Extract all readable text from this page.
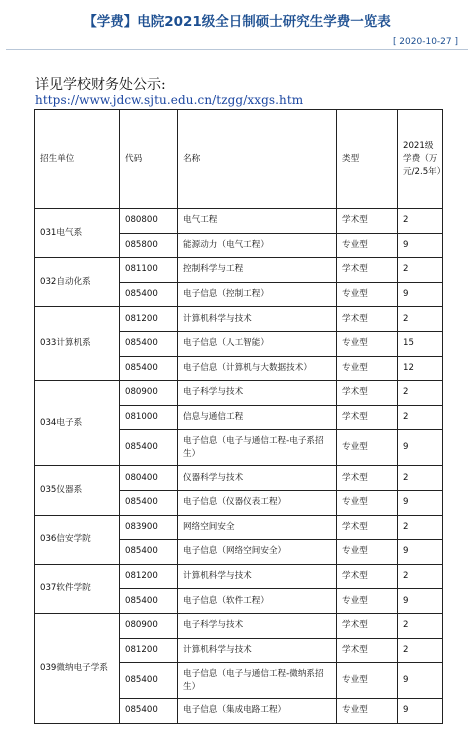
【学费】电院2021级全日制硕士研究生学费一览表
[ 2020-10-27 ]
详见学校财务处公示:
https://www.jdcw.sjtu.edu.cn/tzgg/xxgs.htm
招生单位	代码	名称	类型	2021级学费（万元/2.5年）
031电气系	080800	电气工程	学术型	2
	085800	能源动力（电气工程）	专业型	9
032自动化系	081100	控制科学与工程	学术型	2
	085400	电子信息（控制工程）	专业型	9
033计算机系	081200	计算机科学与技术	学术型	2
	085400	电子信息（人工智能）	专业型	15
	085400	电子信息（计算机与大数据技术）	专业型	12
034电子系	080900	电子科学与技术	学术型	2
	081000	信息与通信工程	学术型	2
	085400	电子信息（电子与通信工程-电子系招生）	专业型	9
035仪器系	080400	仪器科学与技术	学术型	2
	085400	电子信息（仪器仪表工程）	专业型	9
036信安学院	083900	网络空间安全	学术型	2
	085400	电子信息（网络空间安全）	专业型	9
037软件学院	081200	计算机科学与技术	学术型	2
	085400	电子信息（软件工程）	专业型	9
039微纳电子学系	080900	电子科学与技术	学术型	2
	081200	计算机科学与技术	学术型	2
	085400	电子信息（电子与通信工程-微纳系招生）	专业型	9
	085400	电子信息（集成电路工程）	专业型	9
